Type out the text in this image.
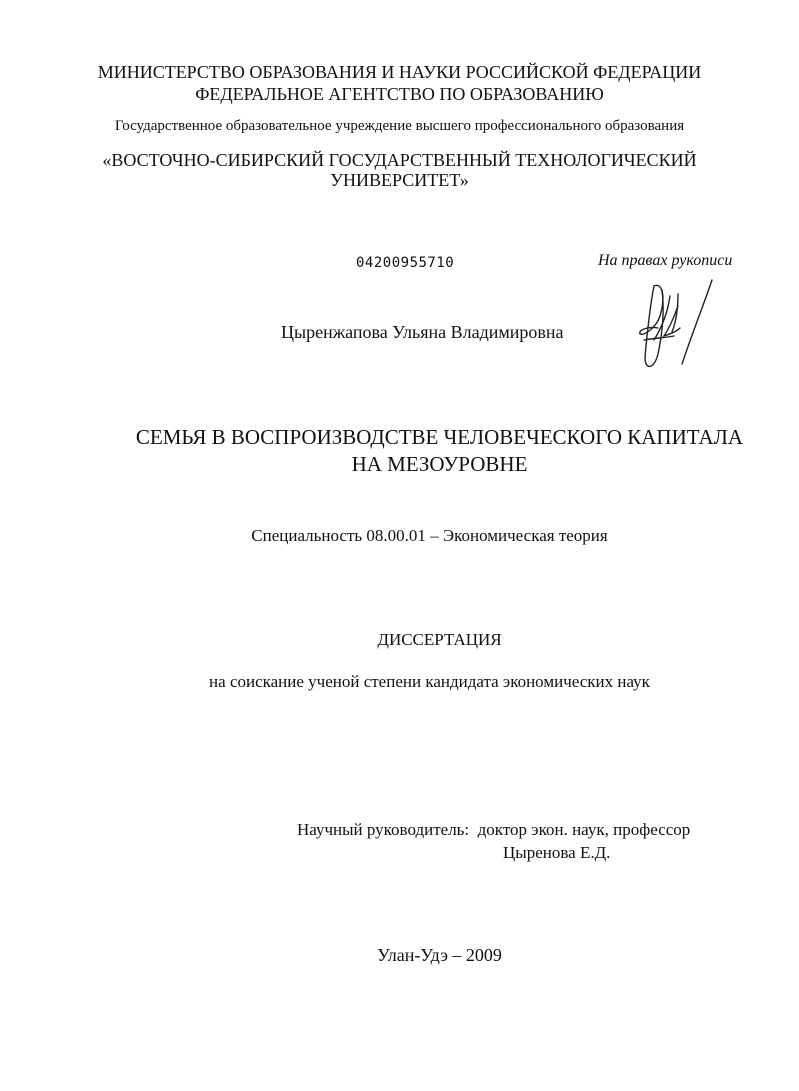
МИНИСТЕРСТВО ОБРАЗОВАНИЯ И НАУКИ РОССИЙСКОЙ ФЕДЕРАЦИИ
ФЕДЕРАЛЬНОЕ АГЕНТСТВО ПО ОБРАЗОВАНИЮ
Государственное образовательное учреждение высшего профессионального образования
«ВОСТОЧНО-СИБИРСКИЙ ГОСУДАРСТВЕННЫЙ ТЕХНОЛОГИЧЕСКИЙ
УНИВЕРСИТЕТ»
04200955710	На правах рукописи
Цыренжапова Ульяна Владимировна
СЕМЬЯ В ВОСПРОИЗВОДСТВЕ ЧЕЛОВЕЧЕСКОГО КАПИТАЛА
НА МЕЗОУРОВНЕ
Специальность 08.00.01 – Экономическая теория
ДИССЕРТАЦИЯ
на соискание ученой степени кандидата экономических наук
Научный руководитель: доктор экон. наук, профессор
Цыренова Е.Д.
Улан-Удэ – 2009
